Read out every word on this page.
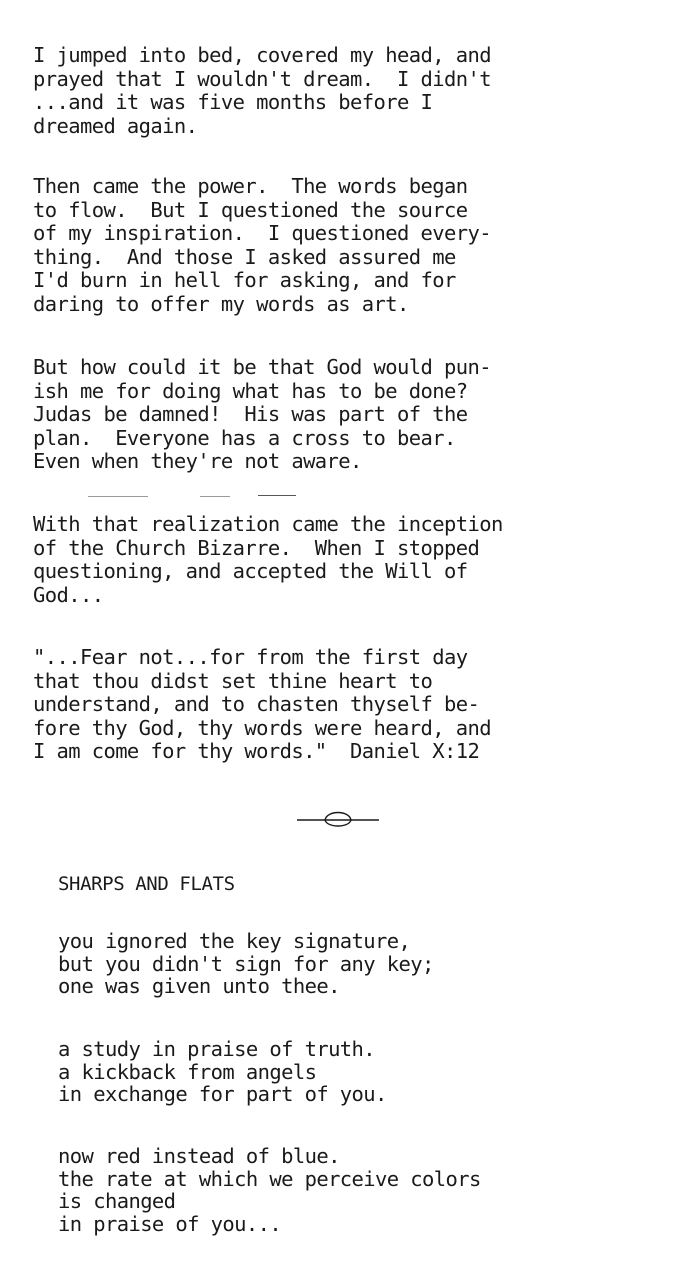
I jumped into bed, covered my head, and
prayed that I wouldn't dream.  I didn't
...and it was five months before I
dreamed again.

Then came the power.  The words began
to flow.  But I questioned the source
of my inspiration.  I questioned every-
thing.  And those I asked assured me
I'd burn in hell for asking, and for
daring to offer my words as art.

But how could it be that God would pun-
ish me for doing what has to be done?
Judas be damned!  His was part of the
plan.  Everyone has a cross to bear.
Even when they're not aware.

With that realization came the inception
of the Church Bizarre.  When I stopped
questioning, and accepted the Will of
God...

"...Fear not...for from the first day
that thou didst set thine heart to
understand, and to chasten thyself be-
fore thy God, thy words were heard, and
I am come for thy words."  Daniel X:12

SHARPS AND FLATS

you ignored the key signature,
but you didn't sign for any key;
one was given unto thee.

a study in praise of truth.
a kickback from angels
in exchange for part of you.

now red instead of blue.
the rate at which we perceive colors
is changed
in praise of you...
